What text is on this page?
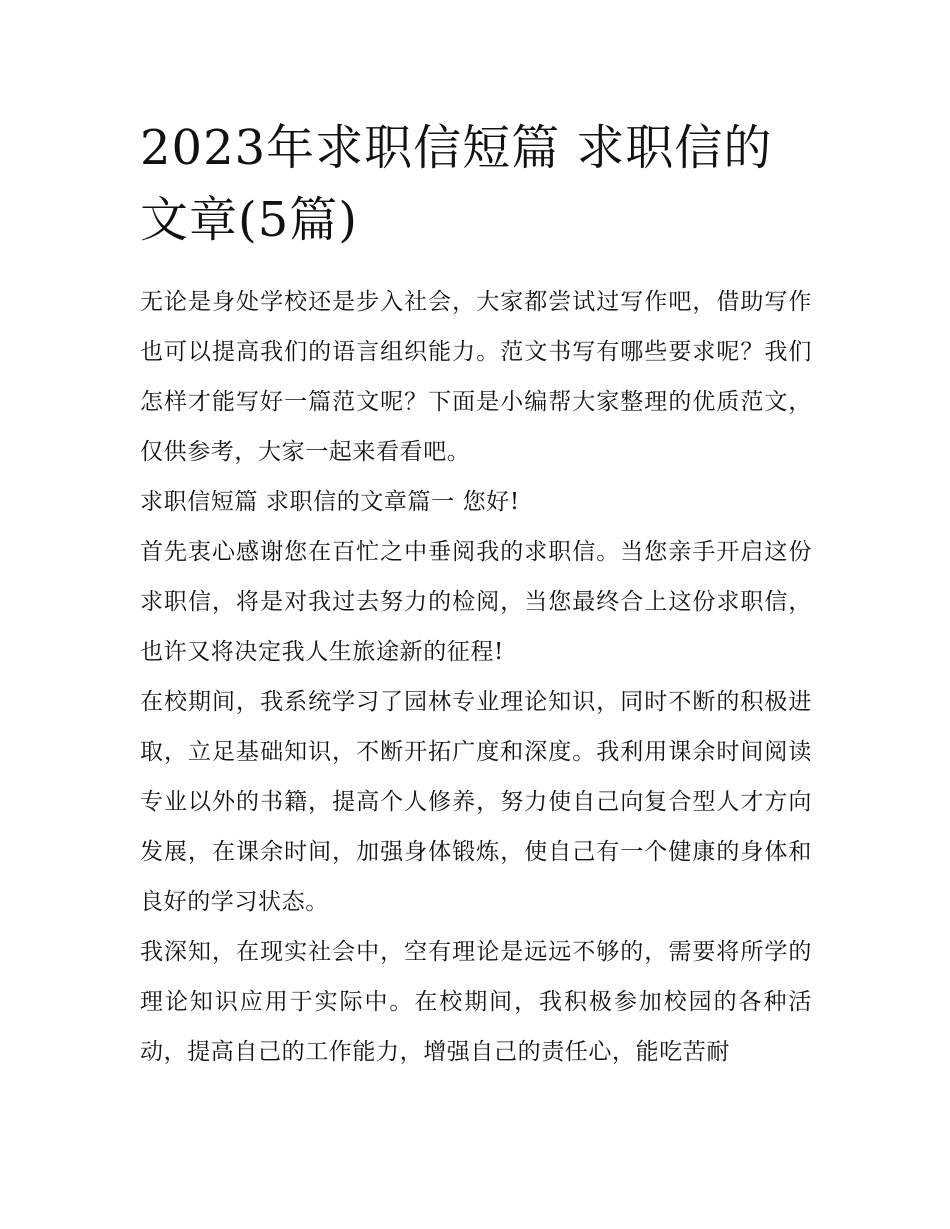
2023年求职信短篇 求职信的文章(5篇)

无论是身处学校还是步入社会，大家都尝试过写作吧，借助写作也可以提高我们的语言组织能力。范文书写有哪些要求呢？我们怎样才能写好一篇范文呢？下面是小编帮大家整理的优质范文，仅供参考，大家一起来看看吧。

求职信短篇 求职信的文章篇一 您好!

首先衷心感谢您在百忙之中垂阅我的求职信。当您亲手开启这份求职信，将是对我过去努力的检阅，当您最终合上这份求职信，也许又将决定我人生旅途新的征程!

在校期间，我系统学习了园林专业理论知识，同时不断的积极进取，立足基础知识，不断开拓广度和深度。我利用课余时间阅读专业以外的书籍，提高个人修养，努力使自己向复合型人才方向发展，在课余时间，加强身体锻炼，使自己有一个健康的身体和良好的学习状态。

我深知，在现实社会中，空有理论是远远不够的，需要将所学的理论知识应用于实际中。在校期间，我积极参加校园的各种活动，提高自己的工作能力，增强自己的责任心，能吃苦耐
